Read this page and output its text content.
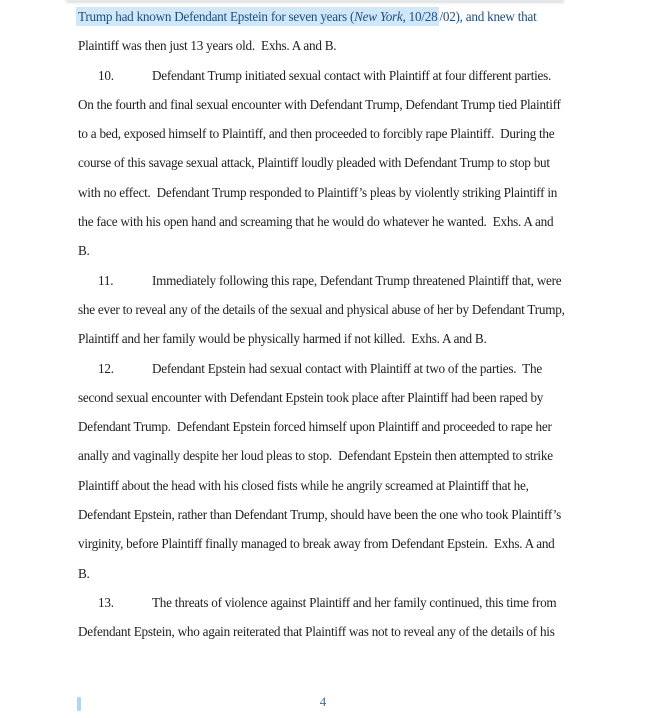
Trump had known Defendant Epstein for seven years (New York, 10/28 /02), and knew that
Plaintiff was then just 13 years old.  Exhs. A and B.
10.	Defendant Trump initiated sexual contact with Plaintiff at four different parties.
On the fourth and final sexual encounter with Defendant Trump, Defendant Trump tied Plaintiff
to a bed, exposed himself to Plaintiff, and then proceeded to forcibly rape Plaintiff.  During the
course of this savage sexual attack, Plaintiff loudly pleaded with Defendant Trump to stop but
with no effect.  Defendant Trump responded to Plaintiff’s pleas by violently striking Plaintiff in
the face with his open hand and screaming that he would do whatever he wanted.  Exhs. A and
B.
11.	Immediately following this rape, Defendant Trump threatened Plaintiff that, were
she ever to reveal any of the details of the sexual and physical abuse of her by Defendant Trump,
Plaintiff and her family would be physically harmed if not killed.  Exhs. A and B.
12.	Defendant Epstein had sexual contact with Plaintiff at two of the parties.  The
second sexual encounter with Defendant Epstein took place after Plaintiff had been raped by
Defendant Trump.  Defendant Epstein forced himself upon Plaintiff and proceeded to rape her
anally and vaginally despite her loud pleas to stop.  Defendant Epstein then attempted to strike
Plaintiff about the head with his closed fists while he angrily screamed at Plaintiff that he,
Defendant Epstein, rather than Defendant Trump, should have been the one who took Plaintiff’s
virginity, before Plaintiff finally managed to break away from Defendant Epstein.  Exhs. A and
B.
13.	The threats of violence against Plaintiff and her family continued, this time from
Defendant Epstein, who again reiterated that Plaintiff was not to reveal any of the details of his
4
